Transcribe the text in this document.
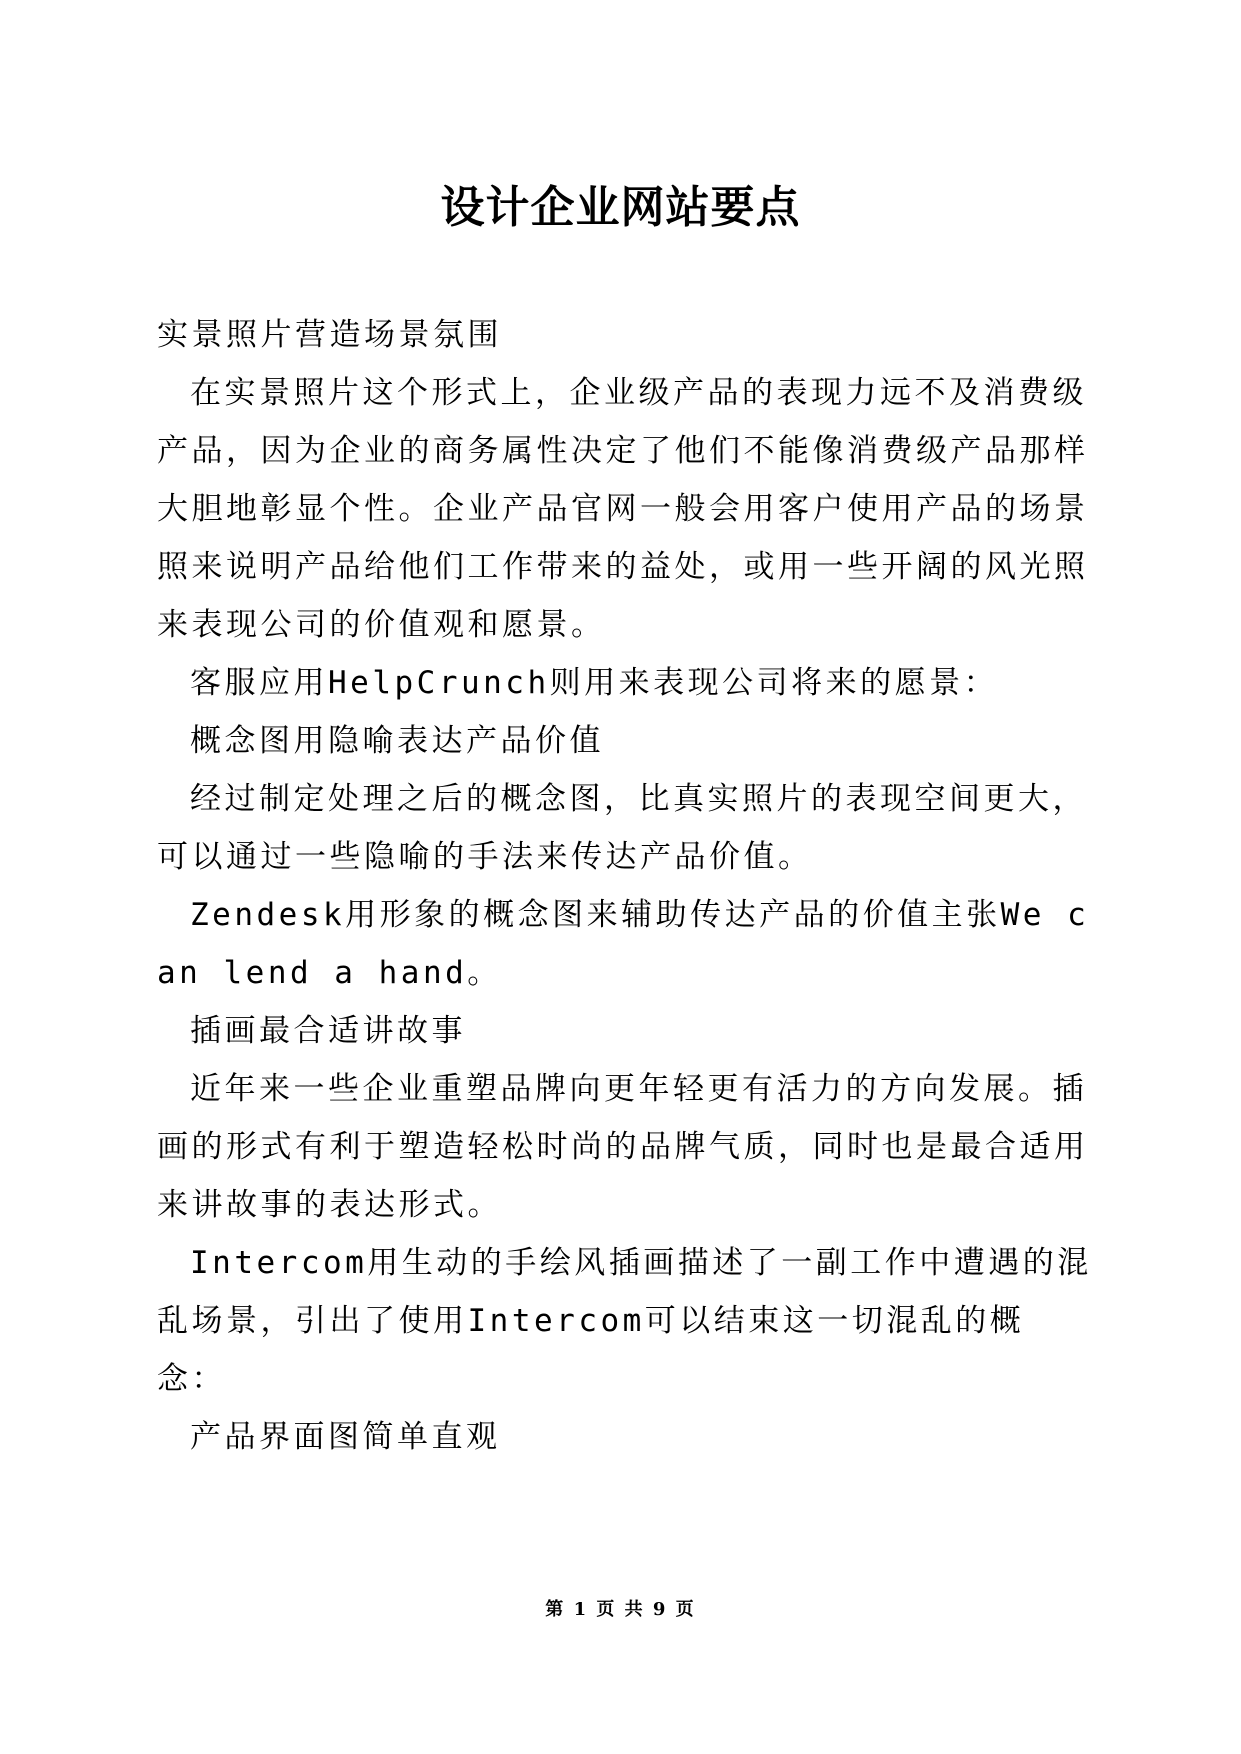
设计企业网站要点

实景照片营造场景氛围

在实景照片这个形式上，企业级产品的表现力远不及消费级产品，因为企业的商务属性决定了他们不能像消费级产品那样大胆地彰显个性。企业产品官网一般会用客户使用产品的场景照来说明产品给他们工作带来的益处，或用一些开阔的风光照来表现公司的价值观和愿景。

客服应用HelpCrunch则用来表现公司将来的愿景：

概念图用隐喻表达产品价值

经过制定处理之后的概念图，比真实照片的表现空间更大，可以通过一些隐喻的手法来传达产品价值。

Zendesk用形象的概念图来辅助传达产品的价值主张We can lend a hand。

插画最合适讲故事

近年来一些企业重塑品牌向更年轻更有活力的方向发展。插画的形式有利于塑造轻松时尚的品牌气质，同时也是最合适用来讲故事的表达形式。

Intercom用生动的手绘风插画描述了一副工作中遭遇的混乱场景，引出了使用Intercom可以结束这一切混乱的概念：

产品界面图简单直观

第 1 页 共 9 页
